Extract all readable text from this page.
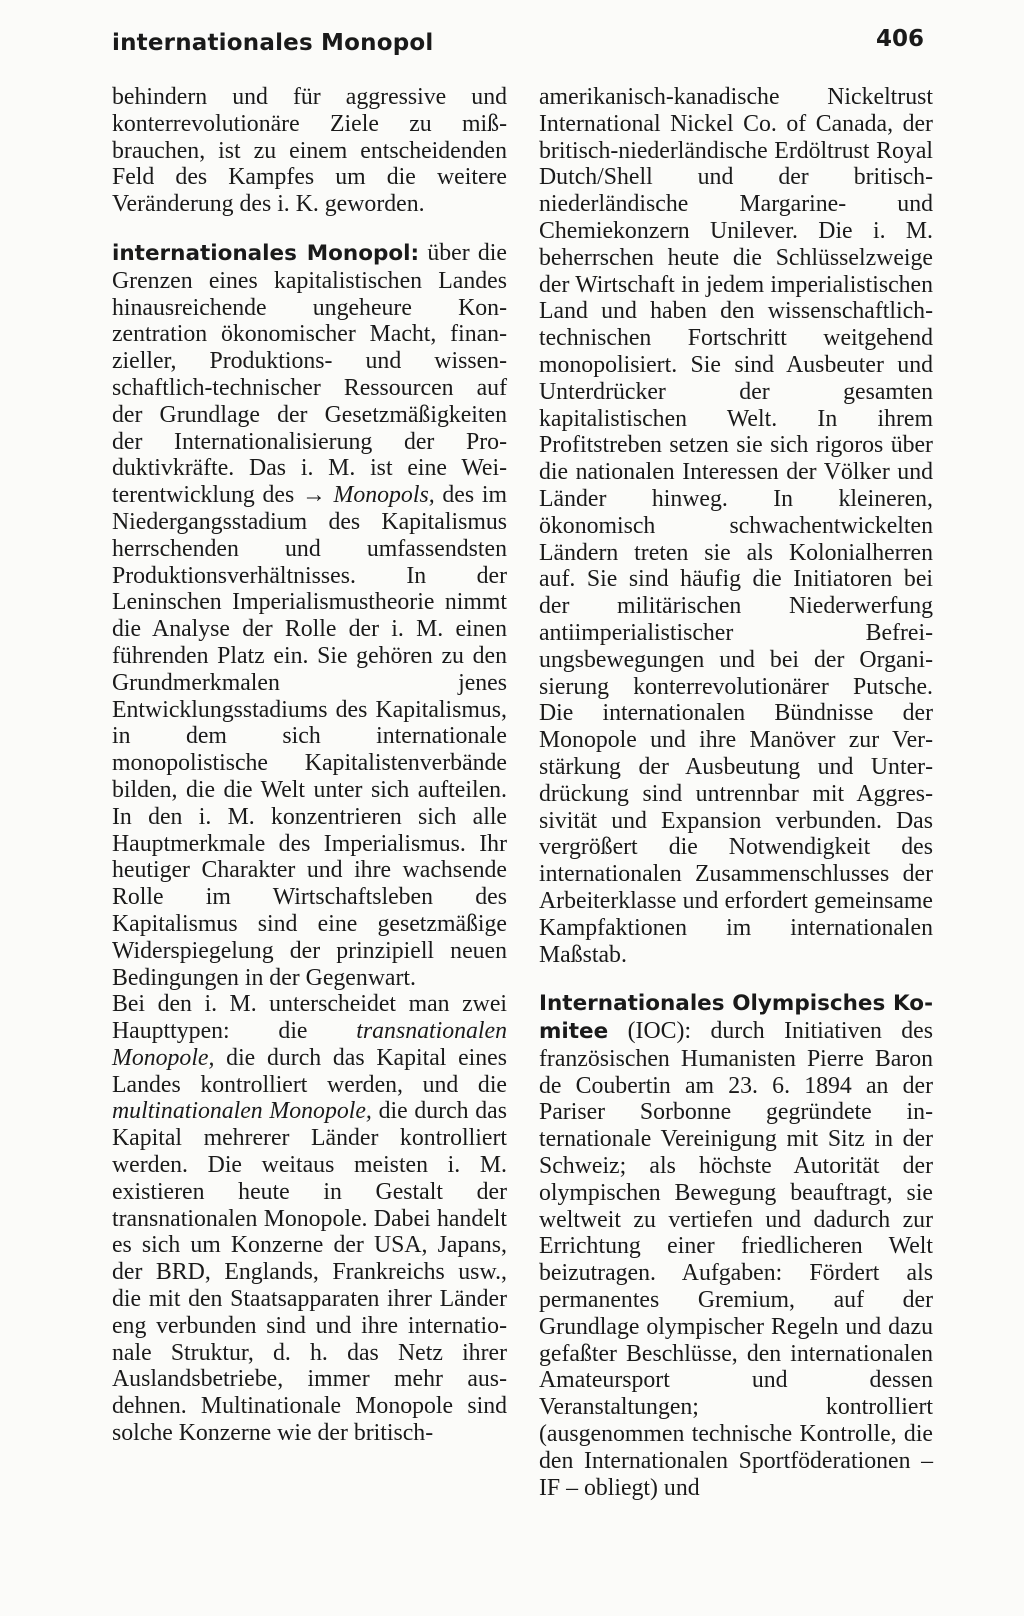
internationales Monopol	406

behindern und für aggressive und konterrevolutionäre Ziele zu mißbrauchen, ist zu einem entscheidenden Feld des Kampfes um die weitere Veränderung des i. K. geworden.

internationales Monopol: über die Grenzen eines kapitalistischen Landes hinausreichende ungeheure Konzentration ökonomischer Macht, finanzieller, Produktions- und wissenschaftlich-technischer Ressourcen auf der Grundlage der Gesetzmäßigkeiten der Internationalisierung der Produktivkräfte. Das i. M. ist eine Weiterentwicklung des → Monopols, des im Niedergangsstadium des Kapitalismus herrschenden und umfassendsten Produktionsverhältnisses. In der Leninschen Imperialismustheorie nimmt die Analyse der Rolle der i. M. einen führenden Platz ein. Sie gehören zu den Grundmerkmalen jenes Entwicklungsstadiums des Kapitalismus, in dem sich internationale monopolistische Kapitalistenverbände bilden, die die Welt unter sich aufteilen. In den i. M. konzentrieren sich alle Hauptmerkmale des Imperialismus. Ihr heutiger Charakter und ihre wachsende Rolle im Wirtschaftsleben des Kapitalismus sind eine gesetzmäßige Widerspiegelung der prinzipiell neuen Bedingungen in der Gegenwart.

Bei den i. M. unterscheidet man zwei Haupttypen: die transnationalen Monopole, die durch das Kapital eines Landes kontrolliert werden, und die multinationalen Monopole, die durch das Kapital mehrerer Länder kontrolliert werden. Die weitaus meisten i. M. existieren heute in Gestalt der transnationalen Monopole. Dabei handelt es sich um Konzerne der USA, Japans, der BRD, Englands, Frankreichs usw., die mit den Staatsapparaten ihrer Länder eng verbunden sind und ihre internationale Struktur, d. h. das Netz ihrer Auslandsbetriebe, immer mehr ausdehnen. Multinationale Monopole sind solche Konzerne wie der britisch-

amerikanisch-kanadische Nickeltrust International Nickel Co. of Canada, der britisch-niederländische Erdöltrust Royal Dutch/Shell und der britisch-niederländische Margarine- und Chemiekonzern Unilever. Die i. M. beherrschen heute die Schlüsselzweige der Wirtschaft in jedem imperialistischen Land und haben den wissenschaftlich-technischen Fortschritt weitgehend monopolisiert. Sie sind Ausbeuter und Unterdrücker der gesamten kapitalistischen Welt. In ihrem Profitstreben setzen sie sich rigoros über die nationalen Interessen der Völker und Länder hinweg. In kleineren, ökonomisch schwachentwickelten Ländern treten sie als Kolonialherren auf. Sie sind häufig die Initiatoren bei der militärischen Niederwerfung antiimperialistischer Befreiungsbewegungen und bei der Organisierung konterrevolutionärer Putsche. Die internationalen Bündnisse der Monopole und ihre Manöver zur Verstärkung der Ausbeutung und Unterdrückung sind untrennbar mit Aggressivität und Expansion verbunden. Das vergrößert die Notwendigkeit des internationalen Zusammenschlusses der Arbeiterklasse und erfordert gemeinsame Kampfaktionen im internationalen Maßstab.

Internationales Olympisches Komitee (IOC): durch Initiativen des französischen Humanisten Pierre Baron de Coubertin am 23. 6. 1894 an der Pariser Sorbonne gegründete internationale Vereinigung mit Sitz in der Schweiz; als höchste Autorität der olympischen Bewegung beauftragt, sie weltweit zu vertiefen und dadurch zur Errichtung einer friedlicheren Welt beizutragen. Aufgaben: Fördert als permanentes Gremium, auf der Grundlage olympischer Regeln und dazu gefaßter Beschlüsse, den internationalen Amateursport und dessen Veranstaltungen; kontrolliert (ausgenommen technische Kontrolle, die den Internationalen Sportföderationen – IF – obliegt) und
